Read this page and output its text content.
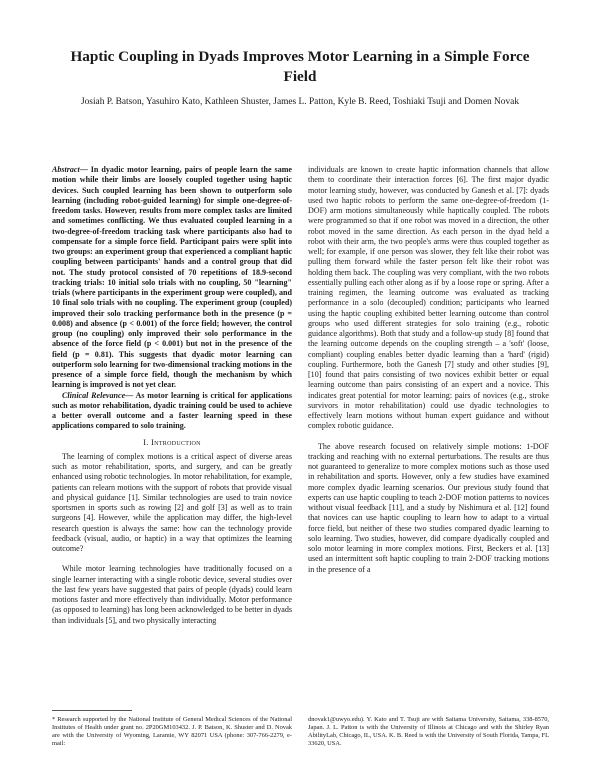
Haptic Coupling in Dyads Improves Motor Learning in a Simple Force Field
Josiah P. Batson, Yasuhiro Kato, Kathleen Shuster, James L. Patton, Kyle B. Reed, Toshiaki Tsuji and Domen Novak

Abstract— In dyadic motor learning, pairs of people learn the same motion while their limbs are loosely coupled together using haptic devices. Such coupled learning has been shown to outperform solo learning (including robot-guided learning) for simple one-degree-of-freedom tasks. However, results from more complex tasks are limited and sometimes conflicting. We thus evaluated coupled learning in a two-degree-of-freedom tracking task where participants also had to compensate for a simple force field. Participant pairs were split into two groups: an experiment group that experienced a compliant haptic coupling between participants' hands and a control group that did not. The study protocol consisted of 70 repetitions of 18.9-second tracking trials: 10 initial solo trials with no coupling, 50 "learning" trials (where participants in the experiment group were coupled), and 10 final solo trials with no coupling. The experiment group (coupled) improved their solo tracking performance both in the presence (p = 0.008) and absence (p < 0.001) of the force field; however, the control group (no coupling) only improved their solo performance in the absence of the force field (p < 0.001) but not in the presence of the field (p = 0.81). This suggests that dyadic motor learning can outperform solo learning for two-dimensional tracking motions in the presence of a simple force field, though the mechanism by which learning is improved is not yet clear.

Clinical Relevance— As motor learning is critical for applications such as motor rehabilitation, dyadic training could be used to achieve a better overall outcome and a faster learning speed in these applications compared to solo training.

I. Introduction

The learning of complex motions is a critical aspect of diverse areas such as motor rehabilitation, sports, and surgery, and can be greatly enhanced using robotic technologies. In motor rehabilitation, for example, patients can relearn motions with the support of robots that provide visual and physical guidance [1]. Similar technologies are used to train novice sportsmen in sports such as rowing [2] and golf [3] as well as to train surgeons [4]. However, while the application may differ, the high-level research question is always the same: how can the technology provide feedback (visual, audio, or haptic) in a way that optimizes the learning outcome?

While motor learning technologies have traditionally focused on a single learner interacting with a single robotic device, several studies over the last few years have suggested that pairs of people (dyads) could learn motions faster and more effectively than individually. Motor performance (as opposed to learning) has long been acknowledged to be better in dyads than individuals [5], and two physically interacting

individuals are known to create haptic information channels that allow them to coordinate their interaction forces [6]. The first major dyadic motor learning study, however, was conducted by Ganesh et al. [7]: dyads used two haptic robots to perform the same one-degree-of-freedom (1-DOF) arm motions simultaneously while haptically coupled. The robots were programmed so that if one robot was moved in a direction, the other robot moved in the same direction. As each person in the dyad held a robot with their arm, the two people's arms were thus coupled together as well; for example, if one person was slower, they felt like their robot was pulling them forward while the faster person felt like their robot was holding them back. The coupling was very compliant, with the two robots essentially pulling each other along as if by a loose rope or spring. After a training regimen, the learning outcome was evaluated as tracking performance in a solo (decoupled) condition; participants who learned using the haptic coupling exhibited better learning outcome than control groups who used different strategies for solo training (e.g., robotic guidance algorithms). Both that study and a follow-up study [8] found that the learning outcome depends on the coupling strength – a 'soft' (loose, compliant) coupling enables better dyadic learning than a 'hard' (rigid) coupling. Furthermore, both the Ganesh [7] study and other studies [9], [10] found that pairs consisting of two novices exhibit better or equal learning outcome than pairs consisting of an expert and a novice. This indicates great potential for motor learning: pairs of novices (e.g., stroke survivors in motor rehabilitation) could use dyadic technologies to effectively learn motions without human expert guidance and without complex robotic guidance.

The above research focused on relatively simple motions: 1-DOF tracking and reaching with no external perturbations. The results are thus not guaranteed to generalize to more complex motions such as those used in rehabilitation and sports. However, only a few studies have examined more complex dyadic learning scenarios. Our previous study found that experts can use haptic coupling to teach 2-DOF motion patterns to novices without visual feedback [11], and a study by Nishimura et al. [12] found that novices can use haptic coupling to learn how to adapt to a virtual force field, but neither of these two studies compared dyadic learning to solo learning. Two studies, however, did compare dyadically coupled and solo motor learning in more complex motions. First, Beckers et al. [13] used an intermittent soft haptic coupling to train 2-DOF tracking motions in the presence of a

* Research supported by the National Institute of General Medical Sciences of the National Institutes of Health under grant no. 2P20GM103432. J. P. Batson, K. Shuster and D. Novak are with the University of Wyoming, Laramie, WY 82071 USA (phone: 307-766-2279, e-mail:
dnovak1@uwyo.edu). Y. Kato and T. Tsuji are with Saitama University, Saitama, 338-8570, Japan. J. L. Patton is with the University of Illinois at Chicago and with the Shirley Ryan AbilityLab, Chicago, IL, USA. K. B. Reed is with the University of South Florida, Tampa, FL 33620, USA.
